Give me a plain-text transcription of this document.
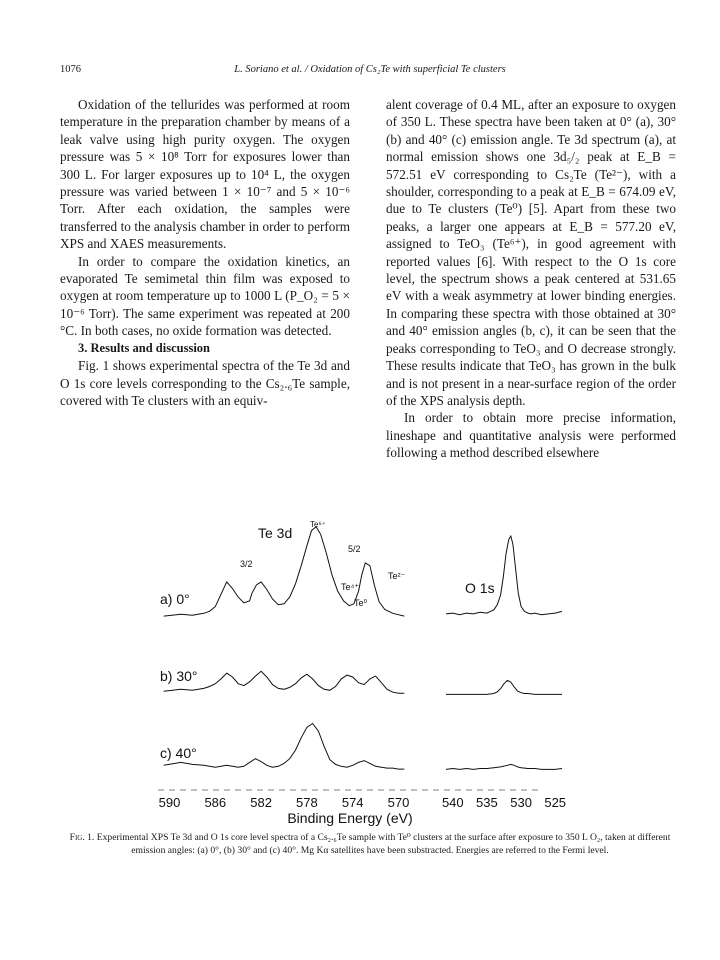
1076	L. Soriano et al. / Oxidation of Cs₂Te with superficial Te clusters

Oxidation of the tellurides was performed at room temperature in the preparation chamber by means of a leak valve using high purity oxygen. The oxygen pressure was 5 × 10⁸ Torr for exposures lower than 300 L. For larger exposures up to 10⁴ L, the oxygen pressure was varied between 1 × 10⁻⁷ and 5 × 10⁻⁶ Torr. After each oxidation, the samples were transferred to the analysis chamber in order to perform XPS and XAES measurements.

In order to compare the oxidation kinetics, an evaporated Te semimetal thin film was exposed to oxygen at room temperature up to 1000 L (P_O₂ = 5 × 10⁻⁶ Torr). The same experiment was repeated at 200 °C. In both cases, no oxide formation was detected.

3. Results and discussion

Fig. 1 shows experimental spectra of the Te 3d and O 1s core levels corresponding to the Cs₂.₆Te sample, covered with Te clusters with an equiv-

alent coverage of 0.4 ML, after an exposure to oxygen of 350 L. These spectra have been taken at 0° (a), 30° (b) and 40° (c) emission angle. Te 3d spectrum (a), at normal emission shows one 3d₅/₂ peak at E_B = 572.51 eV corresponding to Cs₂Te (Te²⁻), with a shoulder, corresponding to a peak at E_B = 674.09 eV, due to Te clusters (Te⁰) [5]. Apart from these two peaks, a larger one appears at E_B = 577.20 eV, assigned to TeO₃ (Te⁶⁺), in good agreement with reported values [6]. With respect to the O 1s core level, the spectrum shows a peak centered at 531.65 eV with a weak asymmetry at lower binding energies. In comparing these spectra with those obtained at 30° and 40° emission angles (b, c), it can be seen that the peaks corresponding to TeO₃ and O decrease strongly. These results indicate that TeO₃ has grown in the bulk and is not present in a near-surface region of the order of the XPS analysis depth.

In order to obtain more precise information, lineshape and quantitative analysis were performed following a method described elsewhere

590 586 582 578 574 570	540 535 530 525
Te 3d
Te⁶⁺
5/2
3/2
Te²⁻
Te⁴⁺
Te⁰
O 1s
a) 0°
b) 30°
c) 40°
Binding Energy (eV)
Fig. 1. Experimental XPS Te 3d and O 1s core level spectra of a Cs₂.₆Te sample with Te⁰ clusters at the surface after exposure to 350 L O₂, taken at different emission angles: (a) 0°, (b) 30° and (c) 40°. Mg Kα satellites have been substracted. Energies are referred to the Fermi level.
